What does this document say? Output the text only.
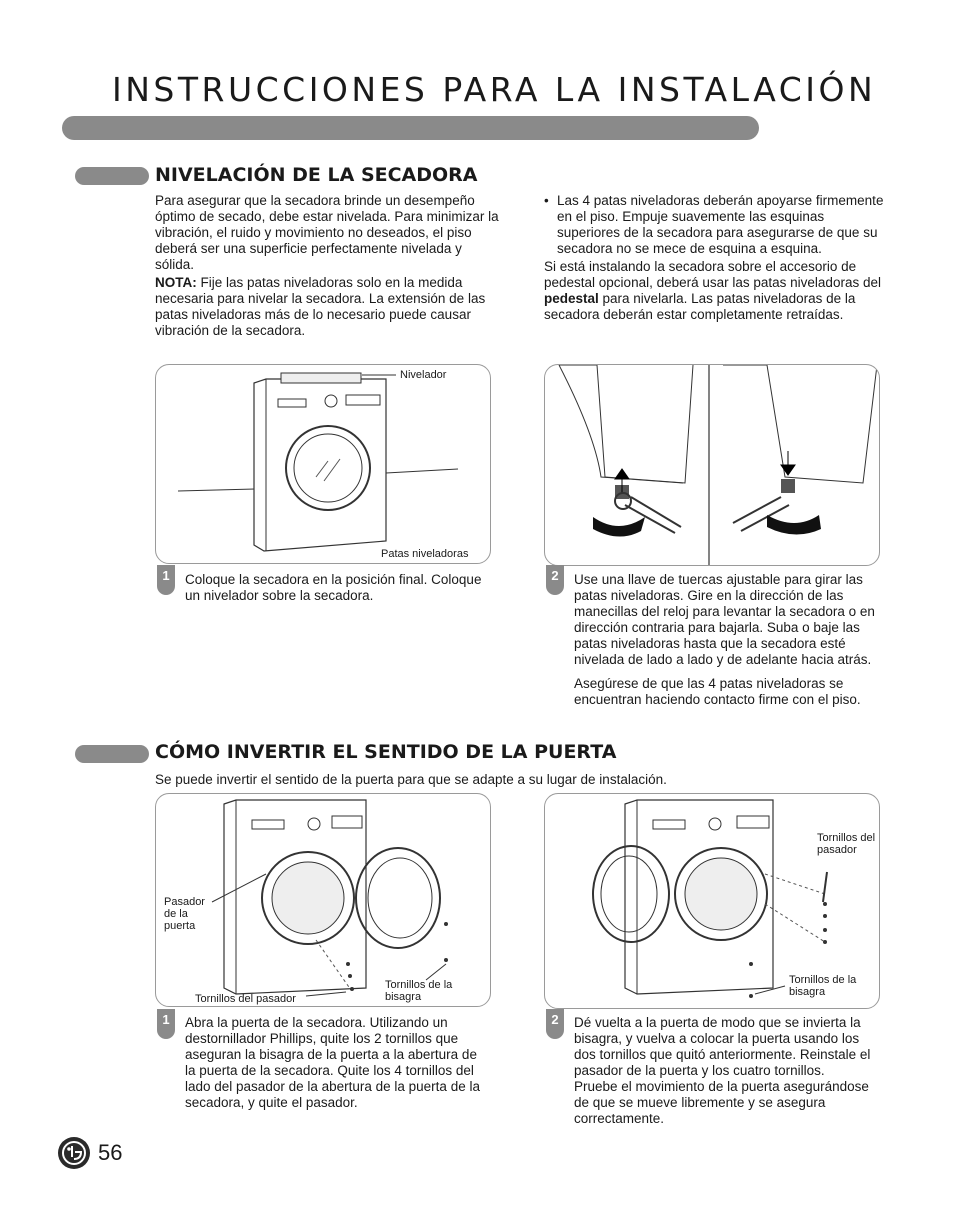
INSTRUCCIONES PARA LA INSTALACIÓN
NIVELACIÓN DE LA SECADORA

Para asegurar que la secadora brinde un desempeño óptimo de secado, debe estar nivelada. Para minimizar la vibración, el ruido y movimiento no deseados, el piso deberá ser una superficie perfectamente nivelada y sólida.

NOTA: Fije las patas niveladoras solo en la medida necesaria para nivelar la secadora. La extensión de las patas niveladoras más de lo necesario puede causar vibración de la secadora.

• Las 4 patas niveladoras deberán apoyarse firmemente en el piso. Empuje suavemente las esquinas superiores de la secadora para asegurarse de que su secadora no se mece de esquina a esquina.

Si está instalando la secadora sobre el accesorio de pedestal opcional, deberá usar las patas niveladoras del pedestal para nivelarla. Las patas niveladoras de la secadora deberán estar completamente retraídas.

Nivelador
Patas niveladoras
1	Coloque la secadora en la posición final. Coloque un nivelador sobre la secadora.
2	Use una llave de tuercas ajustable para girar las patas niveladoras. Gire en la dirección de las manecillas del reloj para levantar la secadora o en dirección contraria para bajarla. Suba o baje las patas niveladoras hasta que la secadora esté nivelada de lado a lado y de adelante hacia atrás.

Asegúrese de que las 4 patas niveladoras se encuentran haciendo contacto firme con el piso.

CÓMO INVERTIR EL SENTIDO DE LA PUERTA
Se puede invertir el sentido de la puerta para que se adapte a su lugar de instalación.
Pasador de la puerta
Tornillos del pasador
Tornillos de la bisagra
Tornillos del pasador
Tornillos de la bisagra
1	Abra la puerta de la secadora. Utilizando un destornillador Phillips, quite los 2 tornillos que aseguran la bisagra de la puerta a la abertura de la puerta de la secadora. Quite los 4 tornillos del lado del pasador de la abertura de la puerta de la secadora, y quite el pasador.
2	Dé vuelta a la puerta de modo que se invierta la bisagra, y vuelva a colocar la puerta usando los dos tornillos que quitó anteriormente. Reinstale el pasador de la puerta y los cuatro tornillos.

Pruebe el movimiento de la puerta asegurándose de que se mueve libremente y se asegura correctamente.

56
